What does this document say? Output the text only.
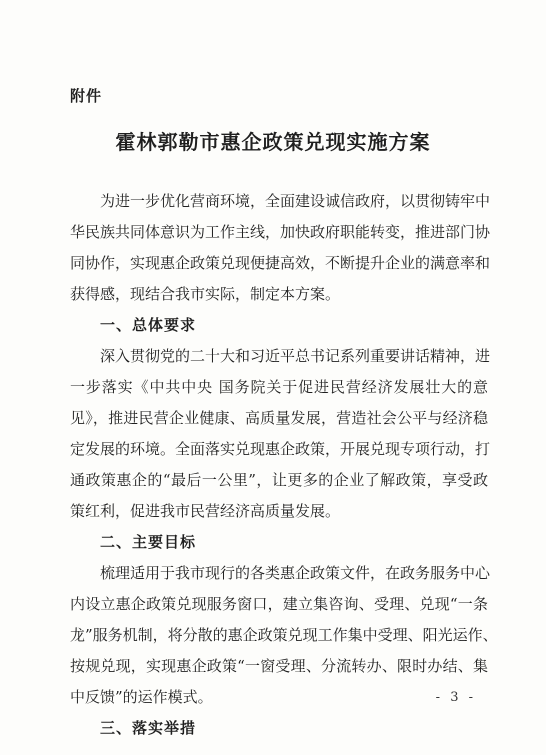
附件
霍林郭勒市惠企政策兑现实施方案
为进一步优化营商环境，全面建设诚信政府，以贯彻铸牢中
华民族共同体意识为工作主线，加快政府职能转变，推进部门协
同协作，实现惠企政策兑现便捷高效，不断提升企业的满意率和
获得感，现结合我市实际，制定本方案。
一、总体要求
深入贯彻党的二十大和习近平总书记系列重要讲话精神，进
一步落实《中共中央 国务院关于促进民营经济发展壮大的意
见》，推进民营企业健康、高质量发展，营造社会公平与经济稳
定发展的环境。全面落实兑现惠企政策，开展兑现专项行动，打
通政策惠企的“最后一公里”，让更多的企业了解政策，享受政
策红利，促进我市民营经济高质量发展。
二、主要目标
梳理适用于我市现行的各类惠企政策文件，在政务服务中心
内设立惠企政策兑现服务窗口，建立集咨询、受理、兑现“一条
龙”服务机制，将分散的惠企政策兑现工作集中受理、阳光运作、
按规兑现，实现惠企政策“一窗受理、分流转办、限时办结、集
中反馈”的运作模式。
三、落实举措
- 3 -
